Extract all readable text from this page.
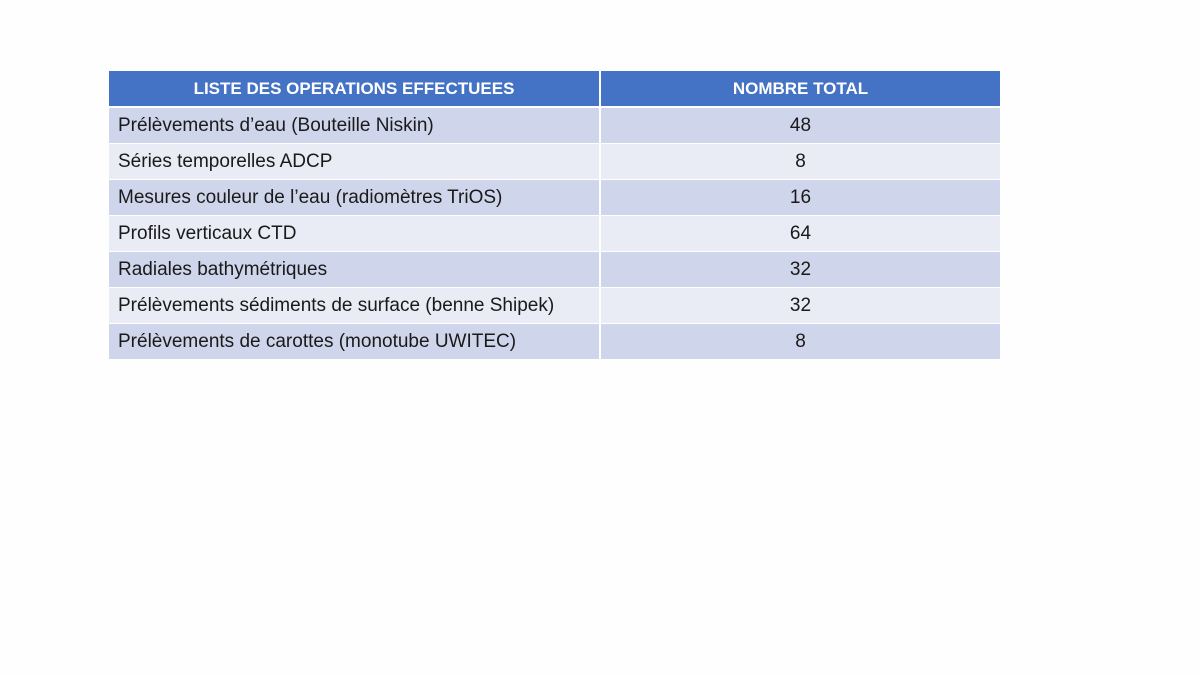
LISTE DES OPERATIONS EFFECTUEES	NOMBRE TOTAL
Prélèvements d’eau (Bouteille Niskin)	48
Séries temporelles ADCP	8
Mesures couleur de l’eau (radiomètres TriOS)	16
Profils verticaux CTD	64
Radiales bathymétriques	32
Prélèvements sédiments de surface (benne Shipek)	32
Prélèvements de carottes (monotube UWITEC)	8
